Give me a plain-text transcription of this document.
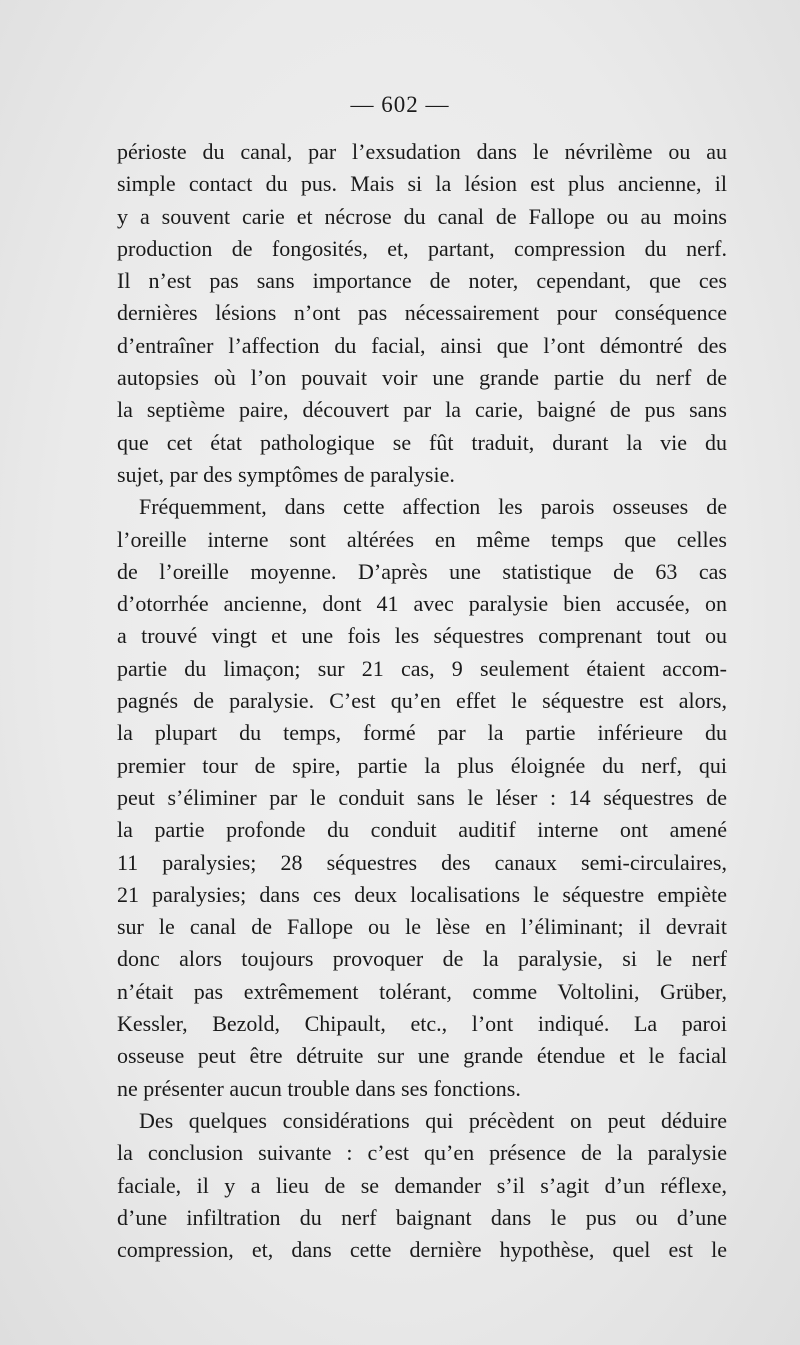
— 602 —
périoste du canal, par l’exsudation dans le névrilème ou au
simple contact du pus. Mais si la lésion est plus ancienne, il
y a souvent carie et nécrose du canal de Fallope ou au moins
production de fongosités, et, partant, compression du nerf.
Il n’est pas sans importance de noter, cependant, que ces
dernières lésions n’ont pas nécessairement pour conséquence
d’entraîner l’affection du facial, ainsi que l’ont démontré des
autopsies où l’on pouvait voir une grande partie du nerf de
la septième paire, découvert par la carie, baigné de pus sans
que cet état pathologique se fût traduit, durant la vie du
sujet, par des symptômes de paralysie.
Fréquemment, dans cette affection les parois osseuses de
l’oreille interne sont altérées en même temps que celles
de l’oreille moyenne. D’après une statistique de 63 cas
d’otorrhée ancienne, dont 41 avec paralysie bien accusée, on
a trouvé vingt et une fois les séquestres comprenant tout ou
partie du limaçon; sur 21 cas, 9 seulement étaient accom-
pagnés de paralysie. C’est qu’en effet le séquestre est alors,
la plupart du temps, formé par la partie inférieure du
premier tour de spire, partie la plus éloignée du nerf, qui
peut s’éliminer par le conduit sans le léser : 14 séquestres de
la partie profonde du conduit auditif interne ont amené
11 paralysies; 28 séquestres des canaux semi-circulaires,
21 paralysies; dans ces deux localisations le séquestre empiète
sur le canal de Fallope ou le lèse en l’éliminant; il devrait
donc alors toujours provoquer de la paralysie, si le nerf
n’était pas extrêmement tolérant, comme Voltolini, Grüber,
Kessler, Bezold, Chipault, etc., l’ont indiqué. La paroi
osseuse peut être détruite sur une grande étendue et le facial
ne présenter aucun trouble dans ses fonctions.
Des quelques considérations qui précèdent on peut déduire
la conclusion suivante : c’est qu’en présence de la paralysie
faciale, il y a lieu de se demander s’il s’agit d’un réflexe,
d’une infiltration du nerf baignant dans le pus ou d’une
compression, et, dans cette dernière hypothèse, quel est le
